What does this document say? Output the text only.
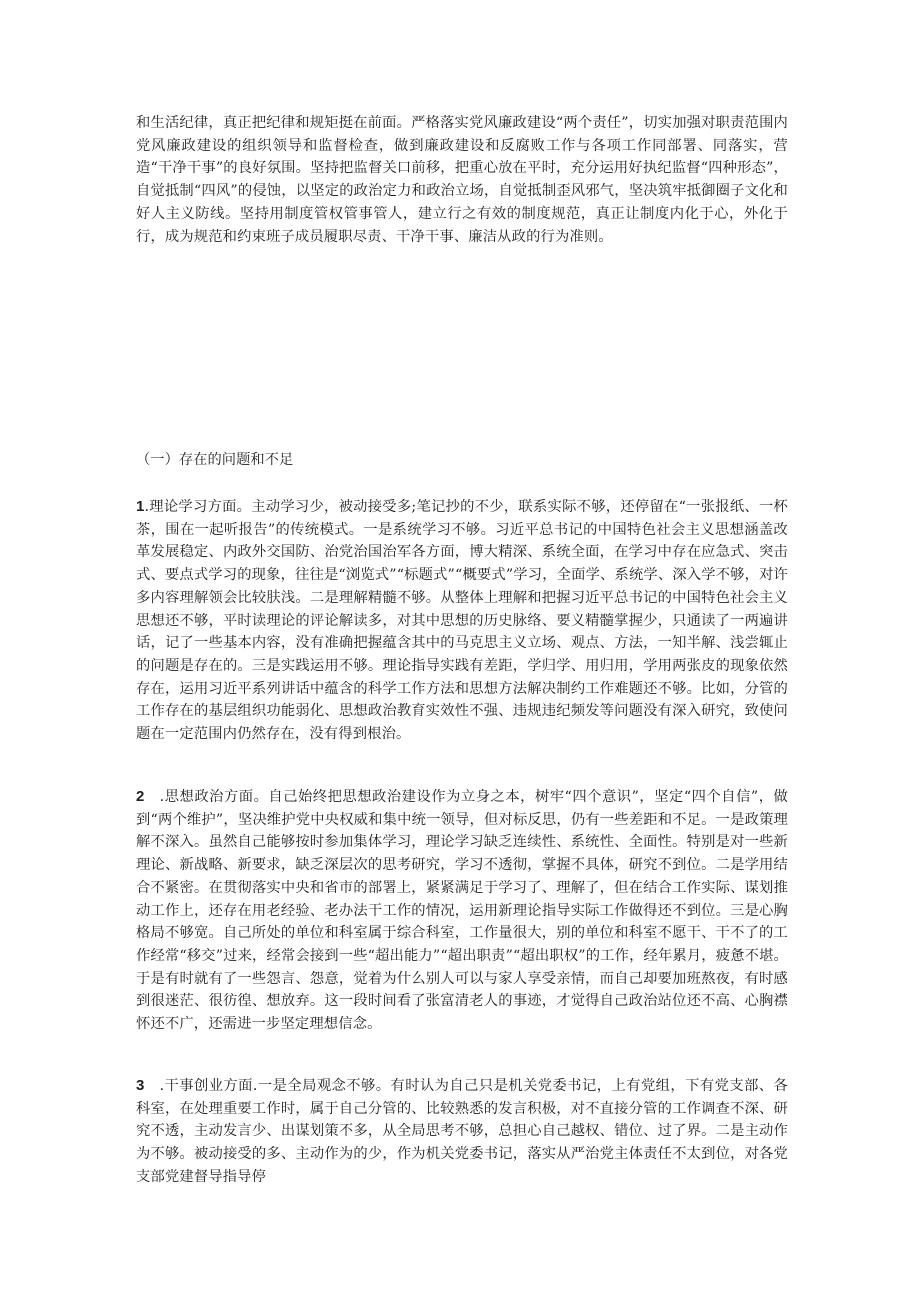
和生活纪律，真正把纪律和规矩挺在前面。严格落实党风廉政建设“两个责任”，切实加强对职责范围内党风廉政建设的组织领导和监督检查，做到廉政建设和反腐败工作与各项工作同部署、同落实，营造“干净干事”的良好氛围。坚持把监督关口前移，把重心放在平时，充分运用好执纪监督“四种形态”，自觉抵制“四风”的侵蚀，以坚定的政治定力和政治立场，自觉抵制歪风邪气，坚决筑牢抵御圈子文化和好人主义防线。坚持用制度管权管事管人，建立行之有效的制度规范，真正让制度内化于心，外化于行，成为规范和约束班子成员履职尽责、干净干事、廉洁从政的行为准则。

（一）存在的问题和不足

1.理论学习方面。主动学习少，被动接受多;笔记抄的不少，联系实际不够，还停留在“一张报纸、一杯茶，围在一起听报告”的传统模式。一是系统学习不够。习近平总书记的中国特色社会主义思想涵盖改革发展稳定、内政外交国防、治党治国治军各方面，博大精深、系统全面，在学习中存在应急式、突击式、要点式学习的现象，往往是“浏览式”“标题式”“概要式”学习，全面学、系统学、深入学不够，对许多内容理解领会比较肤浅。二是理解精髓不够。从整体上理解和把握习近平总书记的中国特色社会主义思想还不够，平时读理论的评论解读多，对其中思想的历史脉络、要义精髓掌握少，只通读了一两遍讲话，记了一些基本内容，没有准确把握蕴含其中的马克思主义立场、观点、方法，一知半解、浅尝辄止的问题是存在的。三是实践运用不够。理论指导实践有差距，学归学、用归用，学用两张皮的现象依然存在，运用习近平系列讲话中蕴含的科学工作方法和思想方法解决制约工作难题还不够。比如，分管的工作存在的基层组织功能弱化、思想政治教育实效性不强、违规违纪频发等问题没有深入研究，致使问题在一定范围内仍然存在，没有得到根治。

2　.思想政治方面。自己始终把思想政治建设作为立身之本，树牢“四个意识”，坚定“四个自信”，做到“两个维护”，坚决维护党中央权威和集中统一领导，但对标反思，仍有一些差距和不足。一是政策理解不深入。虽然自己能够按时参加集体学习，理论学习缺乏连续性、系统性、全面性。特别是对一些新理论、新战略、新要求，缺乏深层次的思考研究，学习不透彻，掌握不具体，研究不到位。二是学用结合不紧密。在贯彻落实中央和省市的部署上，紧紧满足于学习了、理解了，但在结合工作实际、谋划推动工作上，还存在用老经验、老办法干工作的情况，运用新理论指导实际工作做得还不到位。三是心胸格局不够宽。自己所处的单位和科室属于综合科室，工作量很大，别的单位和科室不愿干、干不了的工作经常“移交”过来，经常会接到一些“超出能力”“超出职责”“超出职权”的工作，经年累月，疲惫不堪。于是有时就有了一些怨言、怨意，觉着为什么别人可以与家人享受亲情，而自己却要加班熬夜，有时感到很迷茫、很彷徨、想放弃。这一段时间看了张富清老人的事迹，才觉得自己政治站位还不高、心胸襟怀还不广，还需进一步坚定理想信念。

3　.干事创业方面.一是全局观念不够。有时认为自己只是机关党委书记，上有党组，下有党支部、各科室，在处理重要工作时，属于自己分管的、比较熟悉的发言积极，对不直接分管的工作调查不深、研究不透，主动发言少、出谋划策不多，从全局思考不够，总担心自己越权、错位、过了界。二是主动作为不够。被动接受的多、主动作为的少，作为机关党委书记，落实从严治党主体责任不太到位，对各党支部党建督导指导停
